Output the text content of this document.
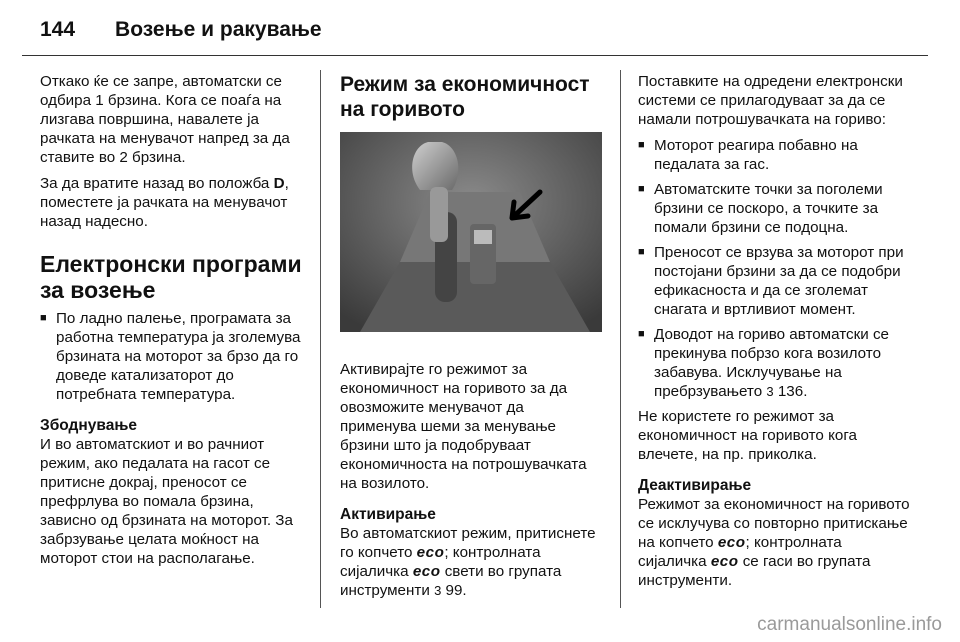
144 Возење и ракување

Откако ќе се запре, автоматски се одбира 1 брзина. Кога се поаѓа на лизгава површина, навалете ја рачката на менувачот напред за да ставите во 2 брзина.

За да вратите назад во положба D, поместете ја рачката на менувачот назад надесно.

Електронски програми за возење
■ По ладно палење, програмата за работна температура ја зголемува брзината на моторот за брзо да го доведе катализаторот до потребната температура.
Збоднување

И во автоматскиот и во рачниот режим, ако педалата на гасот се притисне докрај, преносот се префрлува во помала брзина, зависно од брзината на моторот. За забрзување целата моќност на моторот стои на располагање.

Режим за економичност на горивото

Активирајте го режимот за економичност на горивото за да овозможите менувачот да применува шеми за менување брзини што ја подобруваат економичноста на потрошувачката на возилото.

Активирање

Во автоматскиот режим, притиснете го копчето eco; контролната сијаличка eco свети во групата инструменти 3 99.

Поставките на одредени електронски системи се прилагодуваат за да се намали потрошувачката на гориво:

■ Моторот реагира побавно на педалата за гас.
■ Автоматските точки за поголеми брзини се поскоро, а точките за помали брзини се подоцна.
■ Преносот се врзува за моторот при постојани брзини за да се подобри ефикасноста и да се зголемат снагата и вртливиот момент.
■ Доводот на гориво автоматски се прекинува побрзо кога возилото забавува. Исклучување на пребрзувањето 3 136.

Не користете го режимот за економичност на горивото кога влечете, на пр. приколка.

Деактивирање

Режимот за економичност на горивото се исклучува со повторно притискање на копчето eco; контролната сијаличка eco се гаси во групата инструменти.

carmanualsonline.info
